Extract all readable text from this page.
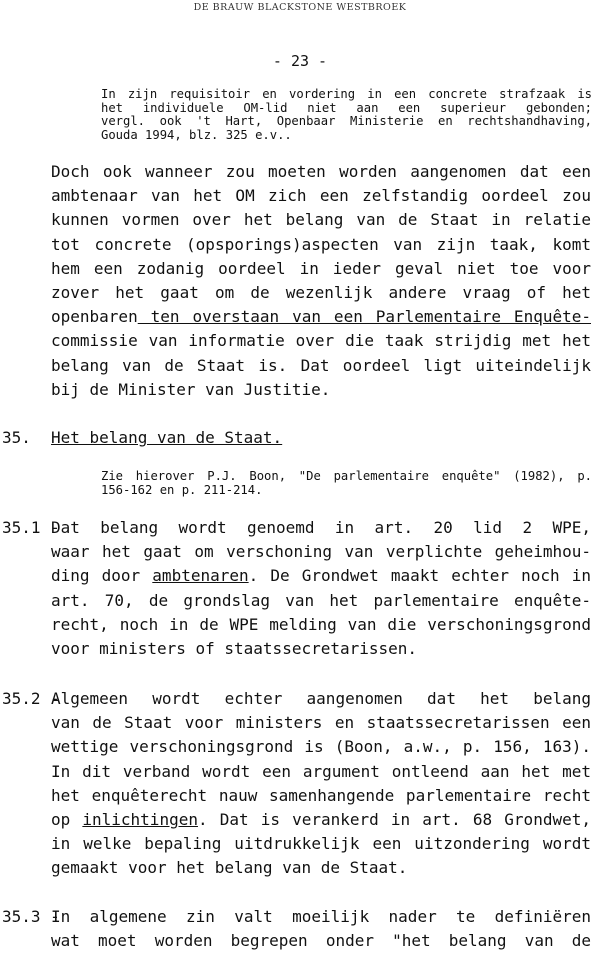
DE BRAUW BLACKSTONE WESTBROEK
- 23 -
In zijn requisitoir en vordering in een concrete strafzaak is
het individuele OM-lid niet aan een superieur gebonden;
vergl. ook 't Hart, Openbaar Ministerie en rechtshandhaving,
Gouda 1994, blz. 325 e.v..
Doch ook wanneer zou moeten worden aangenomen dat een
ambtenaar van het OM zich een zelfstandig oordeel zou
kunnen vormen over het belang van de Staat in relatie
tot concrete (opsporings)aspecten van zijn taak, komt
hem een zodanig oordeel in ieder geval niet toe voor
zover het gaat om de wezenlijk andere vraag of het
openbaren ten overstaan van een Parlementaire Enquête-
commissie van informatie over die taak strijdig met het
belang van de Staat is. Dat oordeel ligt uiteindelijk
bij de Minister van Justitie.
35. Het belang van de Staat.
Zie hierover P.J. Boon, "De parlementaire enquête" (1982), p.
156-162 en p. 211-214.
35.1 -
Dat belang wordt genoemd in art. 20 lid 2 WPE,
waar het gaat om verschoning van verplichte geheimhou-
ding door ambtenaren. De Grondwet maakt echter noch in
art. 70, de grondslag van het parlementaire enquête-
recht, noch in de WPE melding van die verschoningsgrond
voor ministers of staatssecretarissen.
35.2 -
Algemeen wordt echter aangenomen dat het belang
van de Staat voor ministers en staatssecretarissen een
wettige verschoningsgrond is (Boon, a.w., p. 156, 163).
In dit verband wordt een argument ontleend aan het met
het enquêterecht nauw samenhangende parlementaire recht
op inlichtingen. Dat is verankerd in art. 68 Grondwet,
in welke bepaling uitdrukkelijk een uitzondering wordt
gemaakt voor het belang van de Staat.
35.3 -
In algemene zin valt moeilijk nader te definiëren
wat moet worden begrepen onder "het belang van de
